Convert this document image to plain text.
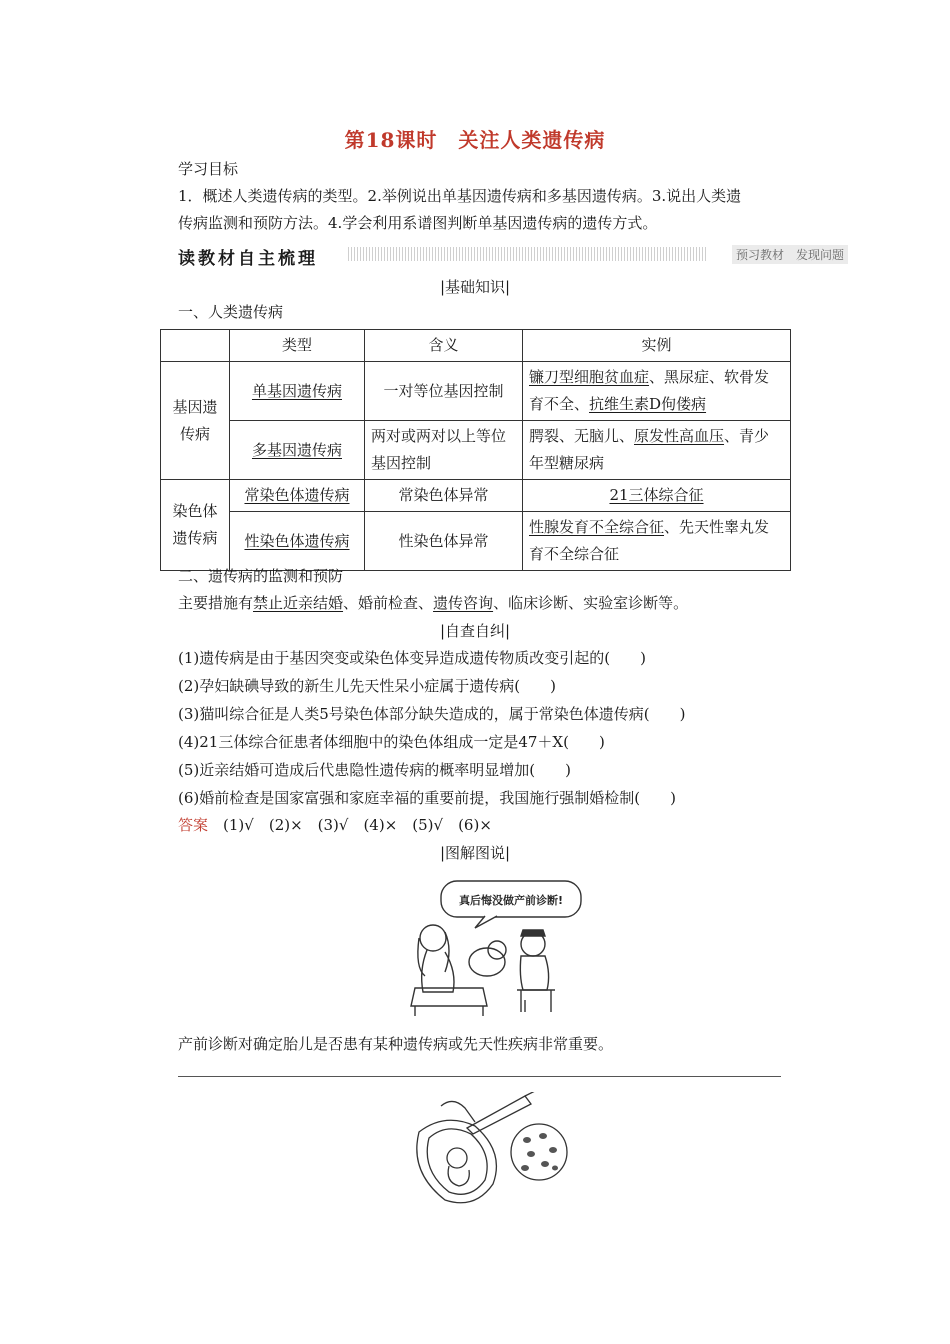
第18课时　关注人类遗传病
学习目标
1．概述人类遗传病的类型。2.举例说出单基因遗传病和多基因遗传病。3.说出人类遗
传病监测和预防方法。4.学会利用系谱图判断单基因遗传病的遗传方式。
读教材自主梳理	预习教材　发现问题
|基础知识|
一、人类遗传病
	类型	含义	实例
基因遗传病	单基因遗传病	一对等位基因控制	镰刀型细胞贫血症、黑尿症、软骨发育不全、抗维生素D佝偻病
	多基因遗传病	两对或两对以上等位基因控制	腭裂、无脑儿、原发性高血压、青少年型糖尿病
染色体遗传病	常染色体遗传病	常染色体异常	21三体综合征
	性染色体遗传病	性染色体异常	性腺发育不全综合征、先天性睾丸发育不全综合征
二、遗传病的监测和预防
主要措施有禁止近亲结婚、婚前检查、遗传咨询、临床诊断、实验室诊断等。
|自查自纠|
(1)遗传病是由于基因突变或染色体变异造成遗传物质改变引起的(　　)
(2)孕妇缺碘导致的新生儿先天性呆小症属于遗传病(　　)
(3)猫叫综合征是人类5号染色体部分缺失造成的，属于常染色体遗传病(　　)
(4)21三体综合征患者体细胞中的染色体组成一定是47＋X(　　)
(5)近亲结婚可造成后代患隐性遗传病的概率明显增加(　　)
(6)婚前检查是国家富强和家庭幸福的重要前提，我国施行强制婚检制(　　)
答案　 (1)√　(2)×　(3)√　(4)×　(5)√　(6)×
|图解图说|
真后悔没做产前诊断!
产前诊断对确定胎儿是否患有某种遗传病或先天性疾病非常重要。
